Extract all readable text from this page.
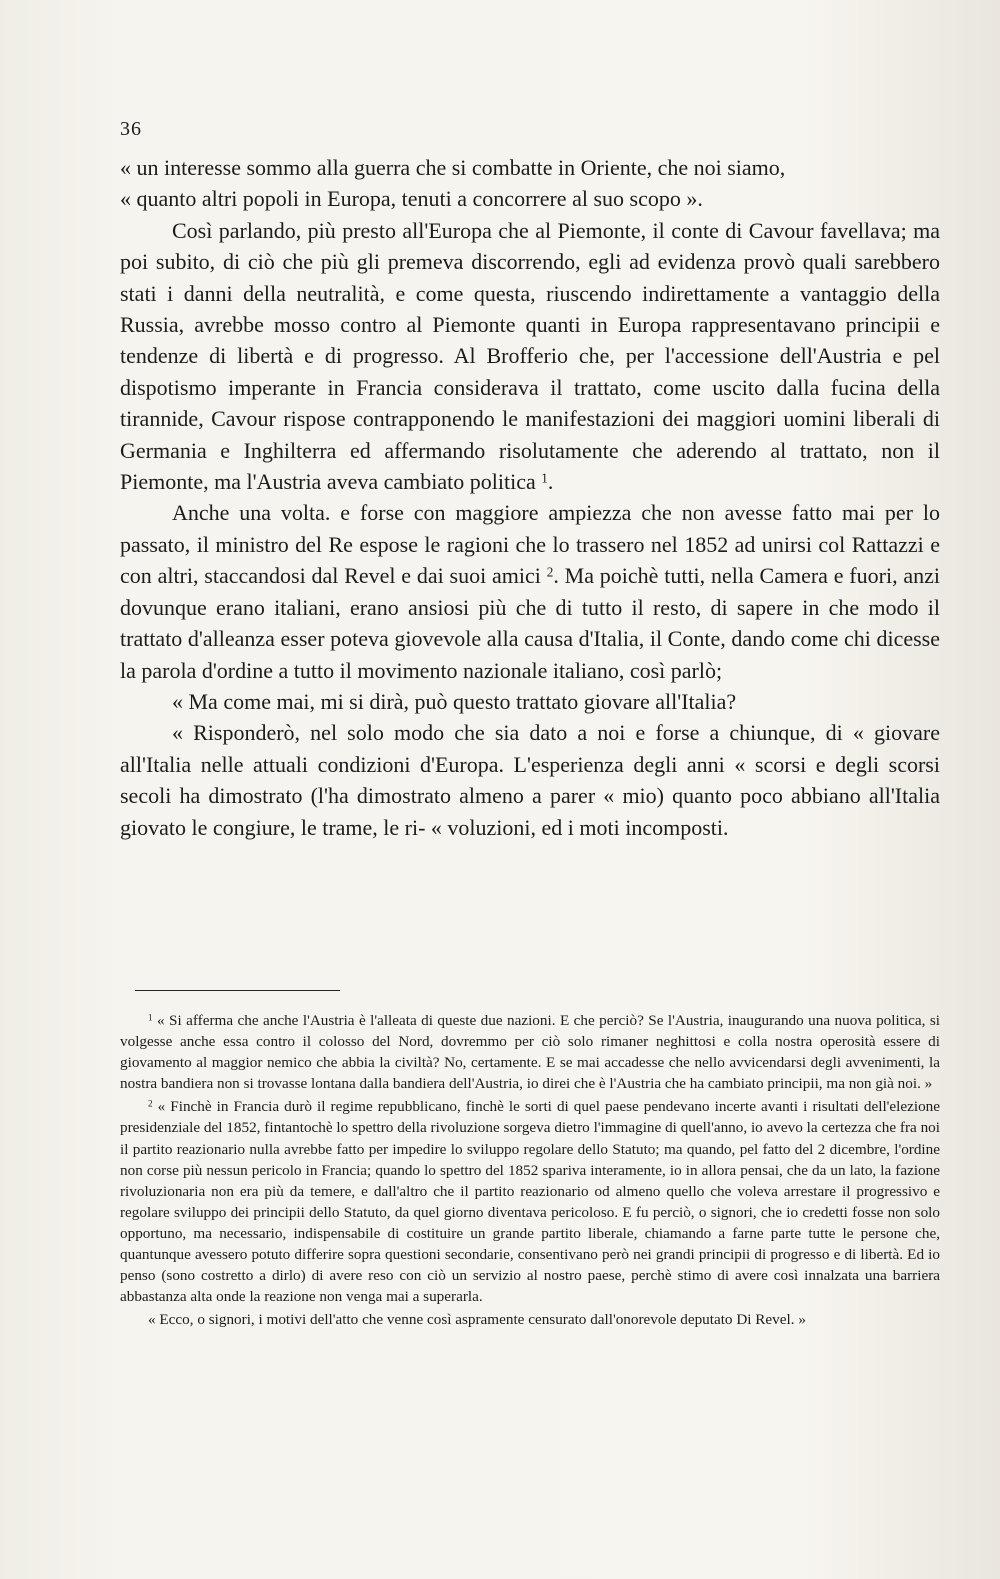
36

« un interesse sommo alla guerra che si combatte in Oriente, che noi siamo,

« quanto altri popoli in Europa, tenuti a concorrere al suo scopo ».

Così parlando, più presto all'Europa che al Piemonte, il conte di Cavour favellava; ma poi subito, di ciò che più gli premeva discorrendo, egli ad evidenza provò quali sarebbero stati i danni della neutralità, e come questa, riuscendo indirettamente a vantaggio della Russia, avrebbe mosso contro al Piemonte quanti in Europa rappresentavano principii e tendenze di libertà e di progresso. Al Brofferio che, per l'accessione dell'Austria e pel dispotismo imperante in Francia considerava il trattato, come uscito dalla fucina della tirannide, Cavour rispose contrapponendo le manifestazioni dei maggiori uomini liberali di Germania e Inghilterra ed affermando risolutamente che aderendo al trattato, non il Piemonte, ma l'Austria aveva cambiato politica $^1$.

Anche una volta. e forse con maggiore ampiezza che non avesse fatto mai per lo passato, il ministro del Re espose le ragioni che lo trassero nel 1852 ad unirsi col Rattazzi e con altri, staccandosi dal Revel e dai suoi amici $^2$. Ma poichè tutti, nella Camera e fuori, anzi dovunque erano italiani, erano ansiosi più che di tutto il resto, di sapere in che modo il trattato d'alleanza esser poteva giovevole alla causa d'Italia, il Conte, dando come chi dicesse la parola d'ordine a tutto il movimento nazionale italiano, così parlò;

« Ma come mai, mi si dirà, può questo trattato giovare all'Italia?

« Risponderò, nel solo modo che sia dato a noi e forse a chiunque, di « giovare all'Italia nelle attuali condizioni d'Europa. L'esperienza degli anni « scorsi e degli scorsi secoli ha dimostrato (l'ha dimostrato almeno a parer « mio) quanto poco abbiano all'Italia giovato le congiure, le trame, le ri- « voluzioni, ed i moti incomposti.

$^1$ « Si afferma che anche l'Austria è l'alleata di queste due nazioni. E che perciò? Se l'Austria, inaugurando una nuova politica, si volgesse anche essa contro il colosso del Nord, dovremmo per ciò solo rimaner neghittosi e colla nostra operosità essere di giovamento al maggior nemico che abbia la civiltà? No, certamente. E se mai accadesse che nello avvicendarsi degli avvenimenti, la nostra bandiera non si trovasse lontana dalla bandiera dell'Austria, io direi che è l'Austria che ha cambiato principii, ma non già noi. »

$^2$ « Finchè in Francia durò il regime repubblicano, finchè le sorti di quel paese pendevano incerte avanti i risultati dell'elezione presidenziale del 1852, fintantochè lo spettro della rivoluzione sorgeva dietro l'immagine di quell'anno, io avevo la certezza che fra noi il partito reazionario nulla avrebbe fatto per impedire lo sviluppo regolare dello Statuto; ma quando, pel fatto del 2 dicembre, l'ordine non corse più nessun pericolo in Francia; quando lo spettro del 1852 spariva interamente, io in allora pensai, che da un lato, la fazione rivoluzionaria non era più da temere, e dall'altro che il partito reazionario od almeno quello che voleva arrestare il progressivo e regolare sviluppo dei principii dello Statuto, da quel giorno diventava pericoloso. E fu perciò, o signori, che io credetti fosse non solo opportuno, ma necessario, indispensabile di costituire un grande partito liberale, chiamando a farne parte tutte le persone che, quantunque avessero potuto differire sopra questioni secondarie, consentivano però nei grandi principii di progresso e di libertà. Ed io penso (sono costretto a dirlo) di avere reso con ciò un servizio al nostro paese, perchè stimo di avere così innalzata una barriera abbastanza alta onde la reazione non venga mai a superarla.

« Ecco, o signori, i motivi dell'atto che venne così aspramente censurato dall'onorevole deputato Di Revel. »
